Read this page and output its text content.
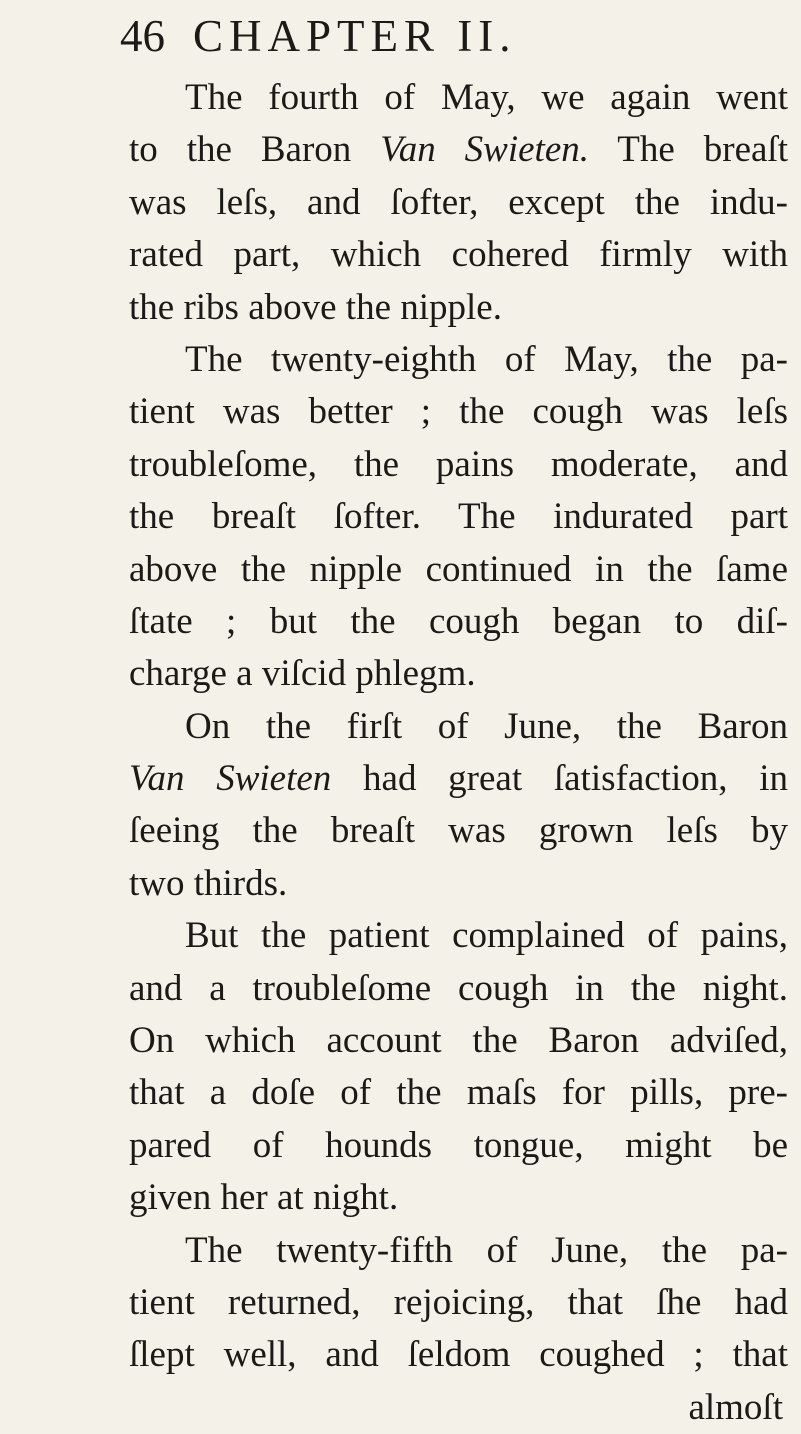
46 CHAPTER II.
The fourth of May, we again went
to the Baron Van Swieten. The breaſt
was leſs, and ſofter, except the indu-
rated part, which cohered firmly with
the ribs above the nipple.
The twenty-eighth of May, the pa-
tient was better ; the cough was leſs
troubleſome, the pains moderate, and
the breaſt ſofter. The indurated part
above the nipple continued in the ſame
ſtate ; but the cough began to diſ-
charge a viſcid phlegm.
On the firſt of June, the Baron
Van Swieten had great ſatisfaction, in
ſeeing the breaſt was grown leſs by
two thirds.
But the patient complained of pains,
and a troubleſome cough in the night.
On which account the Baron adviſed,
that a doſe of the maſs for pills, pre-
pared of hounds tongue, might be
given her at night.
The twenty-fifth of June, the pa-
tient returned, rejoicing, that ſhe had
ſlept well, and ſeldom coughed ; that
almoſt
